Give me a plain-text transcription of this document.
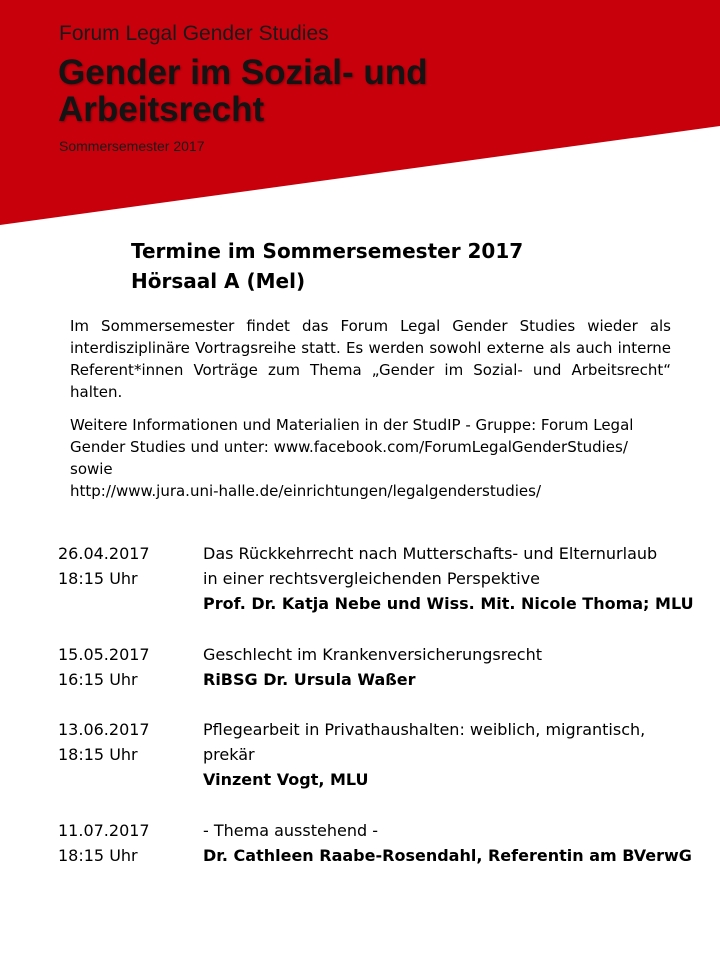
Forum Legal Gender Studies

Gender im Sozial- und Arbeitsrecht

Sommersemester 2017

Termine im Sommersemester 2017
Hörsaal A (Mel)

Im Sommersemester findet das Forum Legal Gender Studies wieder als interdisziplinäre Vortragsreihe statt. Es werden sowohl externe als auch interne Referent*innen Vorträge zum Thema „Gender im Sozial- und Arbeitsrecht“ halten.

Weitere Informationen und Materialien in der StudIP - Gruppe: Forum Legal
Gender Studies und unter: www.facebook.com/ForumLegalGenderStudies/
sowie
http://www.jura.uni-halle.de/einrichtungen/legalgenderstudies/

26.04.2017
18:15 Uhr
Das Rückkehrrecht nach Mutterschafts- und Elternurlaub
in einer rechtsvergleichenden Perspektive
Prof. Dr. Katja Nebe und Wiss. Mit. Nicole Thoma; MLU
15.05.2017
16:15 Uhr
Geschlecht im Krankenversicherungsrecht
RiBSG Dr. Ursula Waßer
13.06.2017
18:15 Uhr
Pflegearbeit in Privathaushalten: weiblich, migrantisch,
prekär
Vinzent Vogt, MLU
11.07.2017
18:15 Uhr
- Thema ausstehend -
Dr. Cathleen Raabe-Rosendahl, Referentin am BVerwG
